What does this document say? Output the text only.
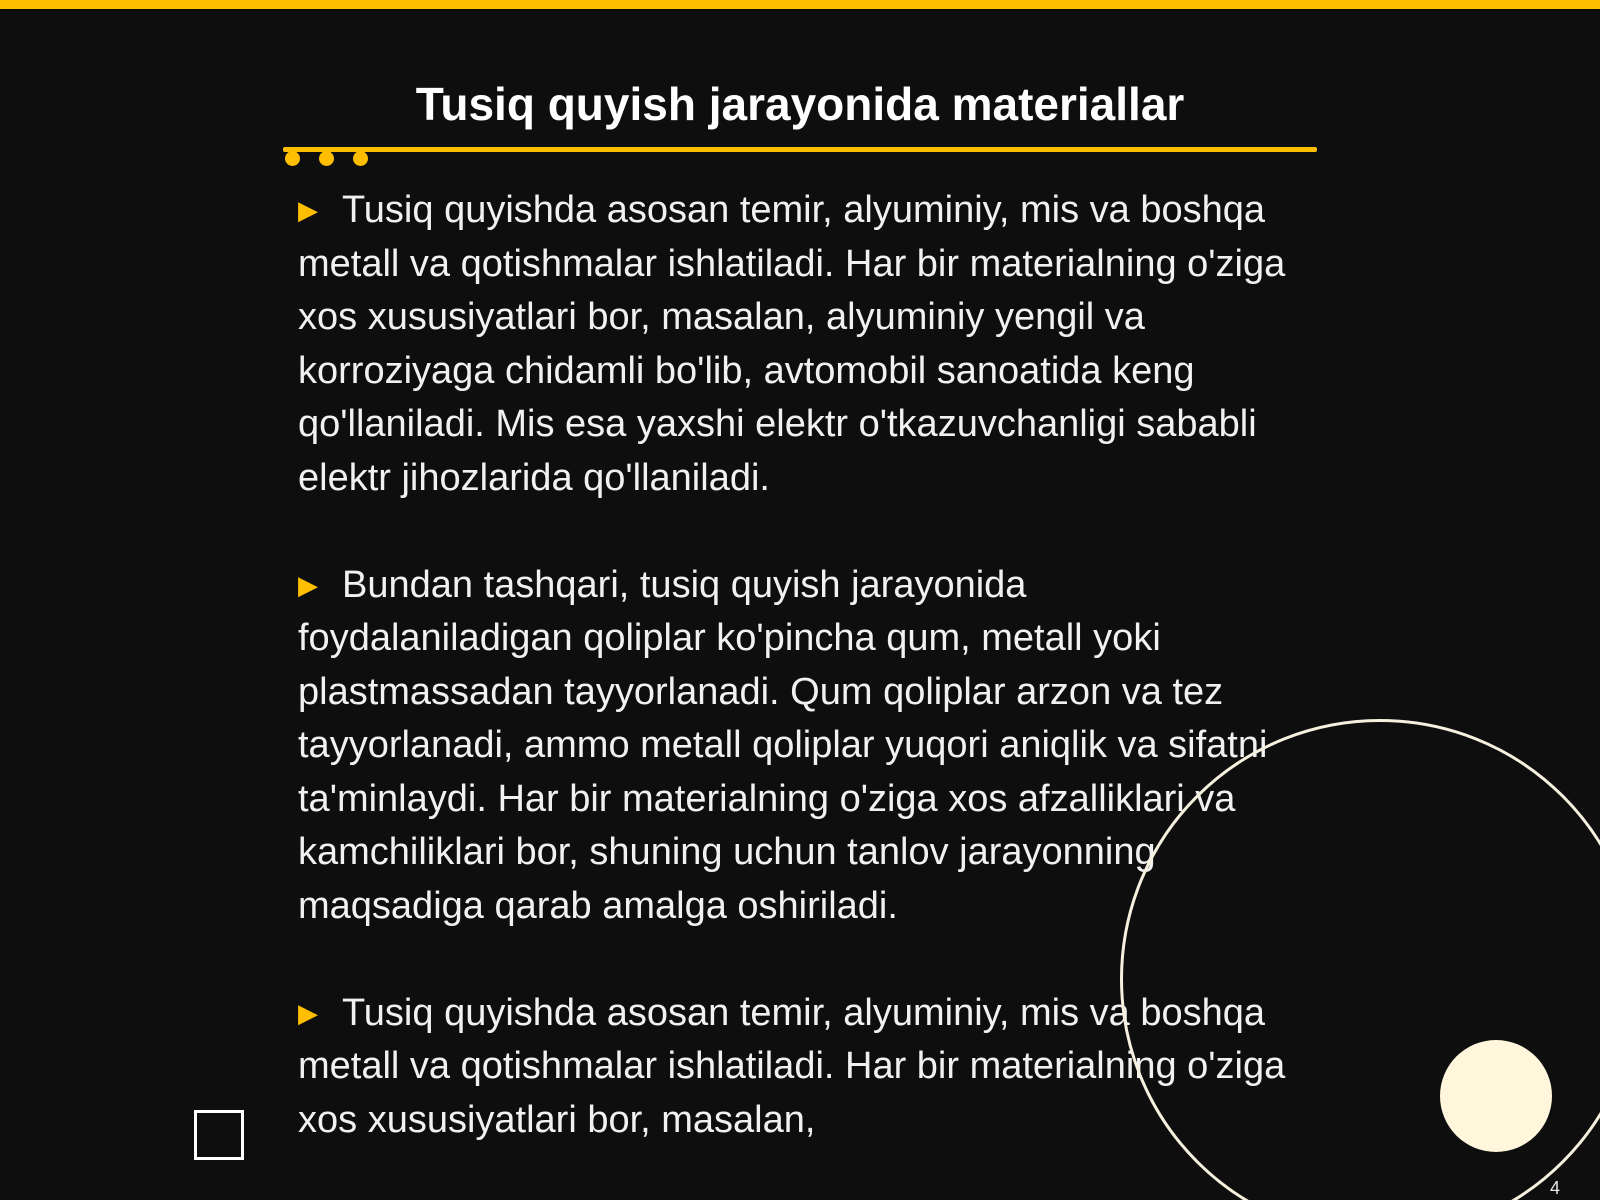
Tusiq quyish jarayonida materiallar

▶ Tusiq quyishda asosan temir, alyuminiy, mis va boshqa metall va qotishmalar ishlatiladi. Har bir materialning o'ziga xos xususiyatlari bor, masalan, alyuminiy yengil va korroziyaga chidamli bo'lib, avtomobil sanoatida keng qo'llaniladi. Mis esa yaxshi elektr o'tkazuvchanligi sababli elektr jihozlarida qo'llaniladi.

▶ Bundan tashqari, tusiq quyish jarayonida foydalaniladigan qoliplar ko'pincha qum, metall yoki plastmassadan tayyorlanadi. Qum qoliplar arzon va tez tayyorlanadi, ammo metall qoliplar yuqori aniqlik va sifatni ta'minlaydi. Har bir materialning o'ziga xos afzalliklari va kamchiliklari bor, shuning uchun tanlov jarayonning maqsadiga qarab amalga oshiriladi.

▶ Tusiq quyishda asosan temir, alyuminiy, mis va boshqa metall va qotishmalar ishlatiladi. Har bir materialning o'ziga xos xususiyatlari bor, masalan,

4
